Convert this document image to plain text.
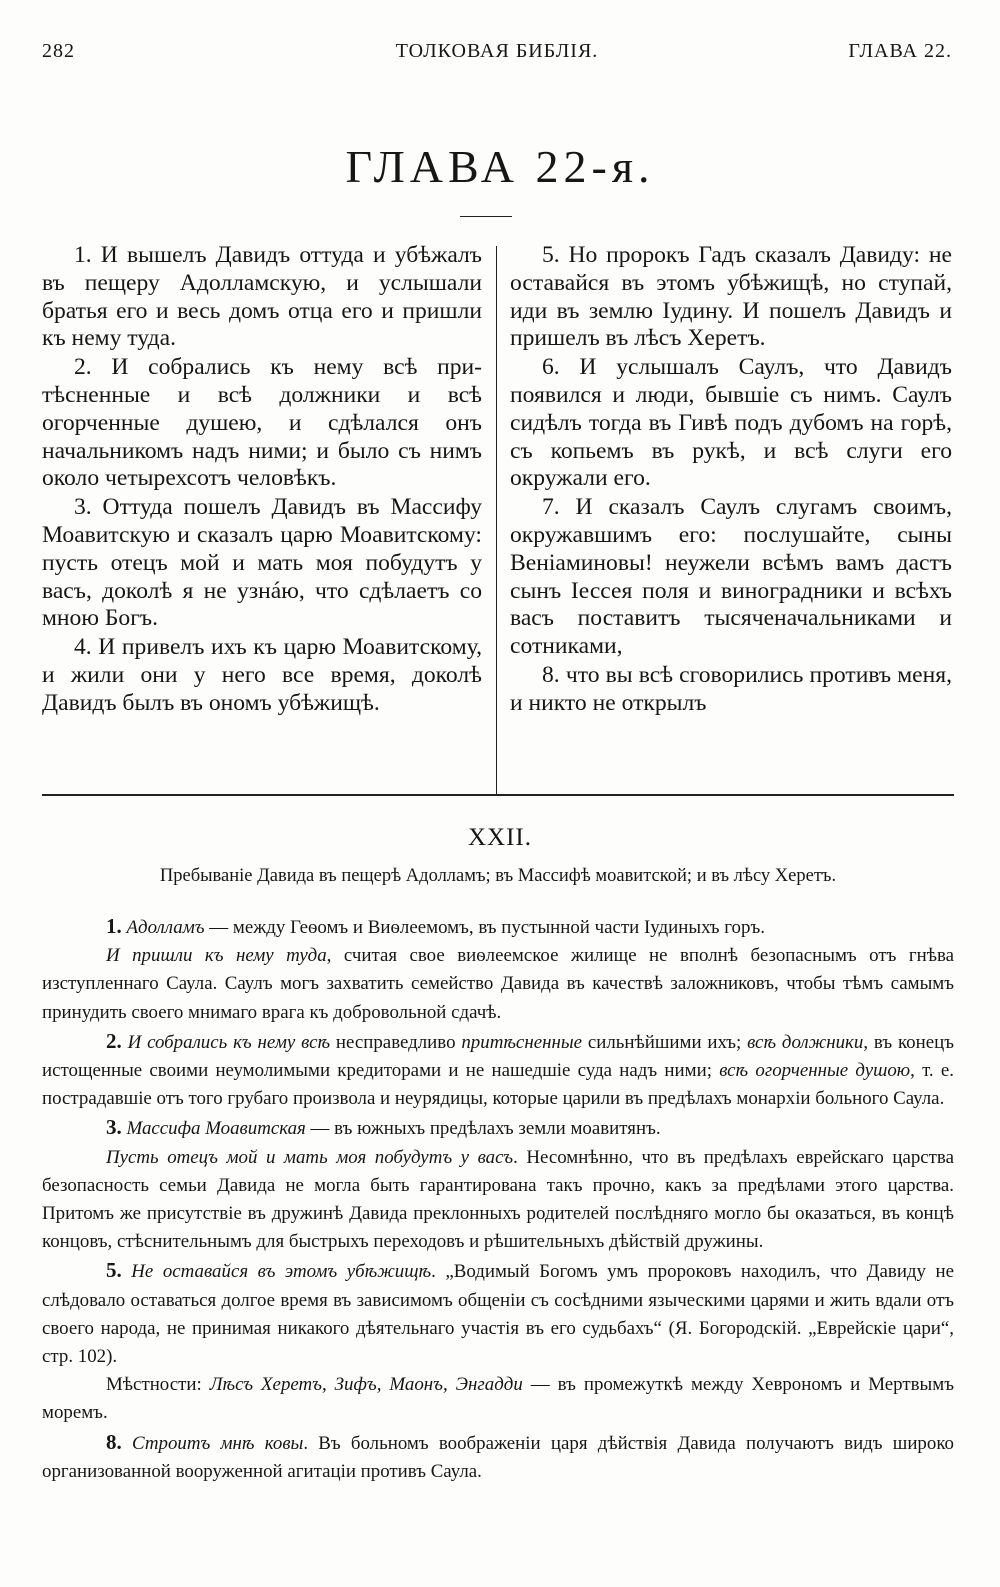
282	ТОЛКОВАЯ БИБЛІЯ.	ГЛАВА 22.
ГЛАВА 22-я.

1. И вышелъ Давидъ оттуда и убѣжалъ въ пещеру Адолламскую, и услышали братья его и весь домъ отца его и пришли къ нему туда.

2. И собрались къ нему всѣ притѣсненные и всѣ должники и всѣ огорченные душею, и сдѣлался онъ начальникомъ надъ ними; и было съ нимъ около четырехсотъ человѣкъ.

3. Оттуда пошелъ Давидъ въ Массифу Моавитскую и сказалъ царю Моавитскому: пусть отецъ мой и мать моя побудутъ у васъ, доколѣ я не узнáю, что сдѣлаетъ со мною Богъ.

4. И привелъ ихъ къ царю Моавитскому, и жили они у него все время, доколѣ Давидъ былъ въ ономъ убѣжищѣ.

5. Но пророкъ Гадъ сказалъ Давиду: не оставайся въ этомъ убѣжищѣ, но ступай, иди въ землю Іудину. И пошелъ Давидъ и пришелъ въ лѣсъ Херетъ.

6. И услышалъ Саулъ, что Давидъ появился и люди, бывшіе съ нимъ. Саулъ сидѣлъ тогда въ Гивѣ подъ дубомъ на горѣ, съ копьемъ въ рукѣ, и всѣ слуги его окружали его.

7. И сказалъ Саулъ слугамъ своимъ, окружавшимъ его: послушайте, сыны Веніаминовы! неужели всѣмъ вамъ дастъ сынъ Іессея поля и виноградники и всѣхъ васъ поставитъ тысяченачальниками и сотниками,

8. что вы всѣ сговорились противъ меня, и никто не открылъ

XXII.

Пребываніе Давида въ пещерѣ Адолламъ; въ Массифѣ моавитской; и въ лѣсу Херетъ.

1. Адолламъ — между Геѳомъ и Виѳлеемомъ, въ пустынной части Іудиныхъ горъ.

И пришли къ нему туда, считая свое виѳлеемское жилище не вполнѣ безопаснымъ отъ гнѣва изступленнаго Саула. Саулъ могъ захватить семейство Давида въ качествѣ заложниковъ, чтобы тѣмъ самымъ принудить своего мнимаго врага къ добровольной сдачѣ.

2. И собрались къ нему всѣ несправедливо притѣсненные сильнѣйшими ихъ; всѣ должники, въ конецъ истощенные своими неумолимыми кредиторами и не нашедшіе суда надъ ними; всѣ огорченные душою, т. е. пострадавшіе отъ того грубаго произвола и неурядицы, которые царили въ предѣлахъ монархіи больного Саула.

3. Массифа Моавитская — въ южныхъ предѣлахъ земли моавитянъ.

Пусть отецъ мой и мать моя побудутъ у васъ. Несомнѣнно, что въ предѣлахъ еврейскаго царства безопасность семьи Давида не могла быть гарантирована такъ прочно, какъ за предѣлами этого царства. Притомъ же присутствіе въ дружинѣ Давида преклонныхъ родителей послѣдняго могло бы оказаться, въ концѣ концовъ, стѣснительнымъ для быстрыхъ переходовъ и рѣшительныхъ дѣйствій дружины.

5. Не оставайся въ этомъ убѣжищѣ. „Водимый Богомъ умъ пророковъ находилъ, что Давиду не слѣдовало оставаться долгое время въ зависимомъ общеніи съ сосѣдними языческими царями и жить вдали отъ своего народа, не принимая никакого дѣятельнаго участія въ его судьбахъ“ (Я. Богородскій. „Еврейскіе цари“, стр. 102).

Мѣстности: Лѣсъ Херетъ, Зифъ, Маонъ, Энгадди — въ промежуткѣ между Хеврономъ и Мертвымъ моремъ.

8. Строитъ мнѣ ковы. Въ больномъ воображеніи царя дѣйствія Давида получаютъ видъ широко организованной вооруженной агитаціи противъ Саула.
